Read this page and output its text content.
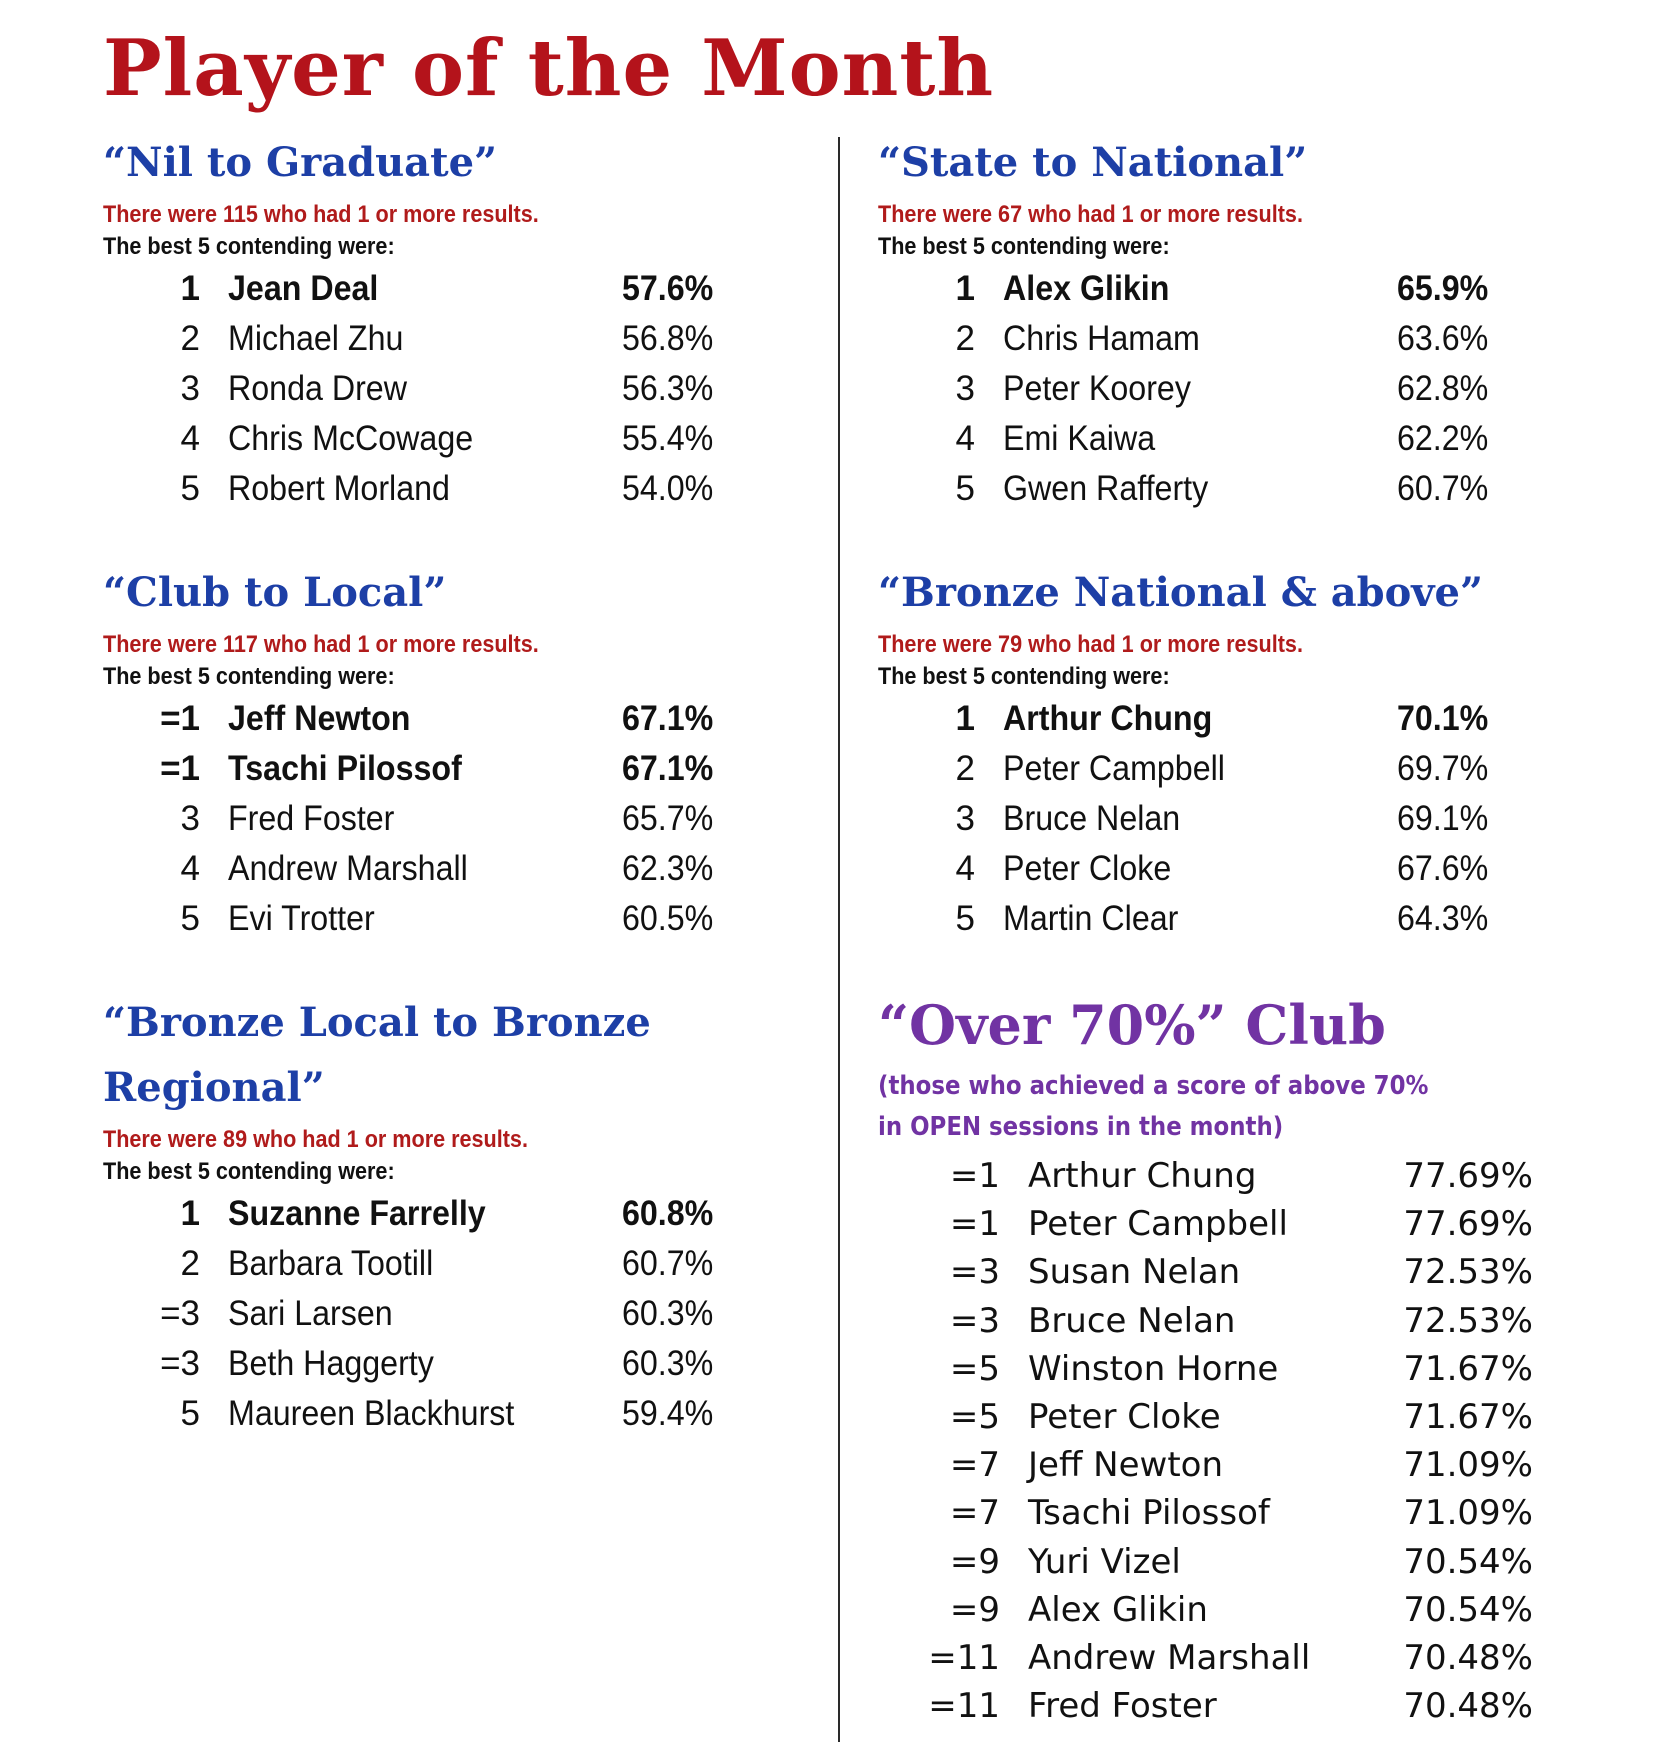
Player of the Month
“Nil to Graduate”
There were 115 who had 1 or more results.
The best 5 contending were:
1 Jean Deal	57.6%
2 Michael Zhu	56.8%
3 Ronda Drew	56.3%
4 Chris McCowage	55.4%
5 Robert Morland	54.0%
“Club to Local”
There were 117 who had 1 or more results.
The best 5 contending were:
=1 Jeff Newton	67.1%
=1 Tsachi Pilossof	67.1%
3 Fred Foster	65.7%
4 Andrew Marshall	62.3%
5 Evi Trotter	60.5%
“Bronze Local to Bronze Regional”
There were 89 who had 1 or more results.
The best 5 contending were:
1 Suzanne Farrelly	60.8%
2 Barbara Tootill	60.7%
=3 Sari Larsen	60.3%
=3 Beth Haggerty	60.3%
5 Maureen Blackhurst	59.4%
“State to National”
There were 67 who had 1 or more results.
The best 5 contending were:
1 Alex Glikin	65.9%
2 Chris Hamam	63.6%
3 Peter Koorey	62.8%
4 Emi Kaiwa	62.2%
5 Gwen Rafferty	60.7%
“Bronze National & above”
There were 79 who had 1 or more results.
The best 5 contending were:
1 Arthur Chung	70.1%
2 Peter Campbell	69.7%
3 Bruce Nelan	69.1%
4 Peter Cloke	67.6%
5 Martin Clear	64.3%
“Over 70%” Club
(those who achieved a score of above 70% in OPEN sessions in the month)
=1 Arthur Chung	77.69%
=1 Peter Campbell	77.69%
=3 Susan Nelan	72.53%
=3 Bruce Nelan	72.53%
=5 Winston Horne	71.67%
=5 Peter Cloke	71.67%
=7 Jeff Newton	71.09%
=7 Tsachi Pilossof	71.09%
=9 Yuri Vizel	70.54%
=9 Alex Glikin	70.54%
=11 Andrew Marshall	70.48%
=11 Fred Foster	70.48%
